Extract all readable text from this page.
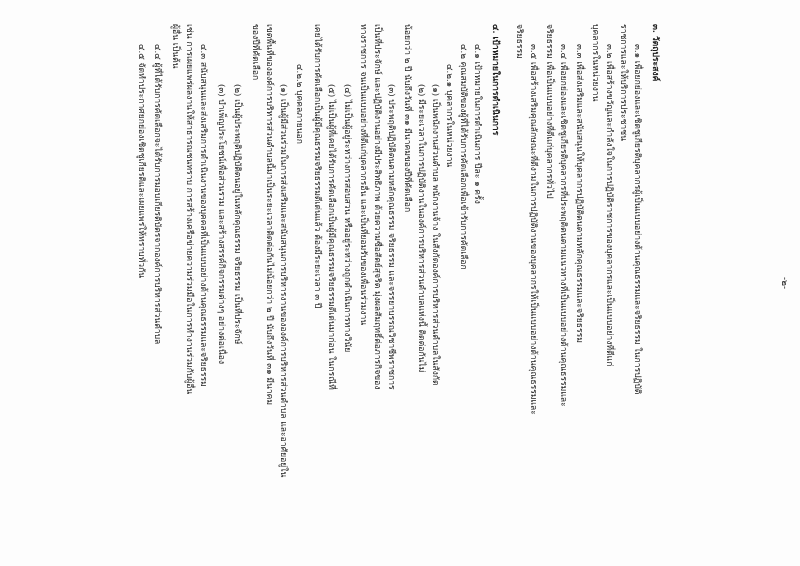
-๒-
๓. วัตถุประสงค์
๓.๑ เพื่อยกย่องและเชิดชูเกียรติบุคลากรผู้เป็นแบบอย่างด้านคุณธรรมและจริยธรรม ในการปฏิบัติ
ราชการและให้บริการประชาชน
๓.๒ เพื่อสร้างขวัญและกำลังใจในการปฏิบัติราชการของบุคลากรและเป็นแบบอย่างที่ดีแก่
บุคลากรในหน่วยงาน
๓.๓ เพื่อส่งเสริมและสนับสนุนให้บุคลากรปฏิบัติตนตามหลักคุณธรรมและจริยธรรม
๓.๔ เพื่อยกย่องและเชิดชูเกียรติบุคลากรที่ประพฤติตนตามแนวทางที่เป็นแบบอย่างด้านคุณธรรมและ
จริยธรรม เพื่อเป็นแบบอย่างที่ดีแก่บุคลากรทั่วไป
๓.๕ เพื่อสร้างเสริมคุณลักษณะที่ดีงามในการปฏิบัติงานของบุคลากรให้เป็นแบบอย่างด้านคุณธรรมและ
จริยธรรม
๔. เป้าหมายในการดำเนินการ
๔.๑ เป้าหมายในการดำเนินการ ปีละ ๑ ครั้ง
๔.๒ คุณสมบัติของผู้ที่ได้รับการคัดเลือกเพื่อเข้ารับการคัดเลือก
๔.๒.๑ บุคลากรในหน่วยงาน
(๑) เป็นพนักงานส่วนตำบล พนักงานจ้าง ในสังกัดองค์การบริหารส่วนตำบลในสังกัด
(๒) มีระยะเวลาในการปฏิบัติงานในองค์การบริหารส่วนตำบลแห่งนี้ ติดต่อกันไม่
น้อยกว่า ๒ ปี นับถึงวันที่ ๓๑ มีนาคมของปีที่คัดเลือก
(๓) ประพฤติปฏิบัติตนตามหลักคุณธรรม จริยธรรม และจรรยาบรรณวิชาชีพราชการ
เป็นที่ประจักษ์ และปฏิบัติงานอย่างมีประสิทธิภาพ ด้วยความซื่อสัตย์สุจริต มุ่งผลสัมฤทธิ์ต่อภารกิจของ
ทางราชการ จนเป็นแบบอย่างที่ดีแก่บุคลากรอื่น และเป็นที่ยอมรับของเพื่อนร่วมงาน
(๔) ไม่เป็นผู้อยู่ระหว่างการสอบสวน หรืออยู่ระหว่างถูกดำเนินการทางวินัย
(๕) ไม่เป็นผู้ที่เคยได้รับการคัดเลือกเป็นผู้มีคุณธรรมจริยธรรมดีเด่นมาก่อน ในกรณีที่
เคยได้รับการคัดเลือกเป็นผู้มีคุณธรรมจริยธรรมดีเด่นแล้ว ต้องมีระยะเวลา ๓ ปี
๔.๒.๒ บุคคลภายนอก
(๑) เป็นผู้มีส่วนร่วมในการส่งเสริมและสนับสนุนการบริหารงานขององค์การบริหารส่วนตำบล และอาศัยอยู่ใน
เขตพื้นที่ขององค์การบริหารส่วนตำบลนี้มาเป็นระยะเวลาติดต่อกันไม่น้อยกว่า ๒ ปี นับถึงวันที่ ๓๑ มีนาคม
ของปีที่คัดเลือก
(๒) เป็นผู้ประพฤติปฏิบัติตนอยู่ในหลักคุณธรรม จริยธรรม เป็นที่ประจักษ์
(๓) บำเพ็ญประโยชน์เพื่อส่วนรวม และสร้างสรรค์กิจกรรมต่างๆ อย่างต่อเนื่อง
๔.๓ สนับสนุนและส่งเสริมการดำเนินงานของบุคคลที่เป็นแบบอย่างด้านคุณธรรมและจริยธรรม
เช่น การเผยแพร่ผลงานให้สาธารณชนทราบ การสร้างเครือข่ายความร่วมมือในการทำงานร่วมกับผู้อื่น
ผู้อื่น เป็นต้น
๔.๔ ผู้ที่ได้รับการคัดเลือกจะได้รับการมอบเกียรติบัตรจากองค์การบริหารส่วนตำบล
๔.๕ จัดทำประกาศยกย่องเชิดชูเกียรติและเผยแพร่ให้ทราบทั่วกัน
